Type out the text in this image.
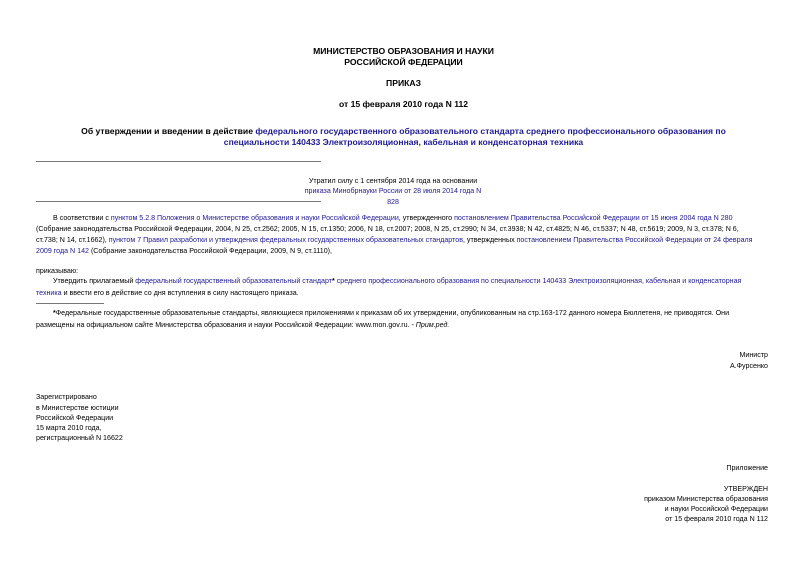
МИНИСТЕРСТВО ОБРАЗОВАНИЯ И НАУКИ
РОССИЙСКОЙ ФЕДЕРАЦИИ
ПРИКАЗ
от 15 февраля 2010 года N 112
Об утверждении и введении в действие федерального государственного образовательного стандарта среднего профессионального образования по
специальности 140433 Электроизоляционная, кабельная и конденсаторная техника
Утратил силу с 1 сентября 2014 года на основании
приказа Минобрнауки России от 28 июля 2014 года N 828
В соответствии с пунктом 5.2.8 Положения о Министерстве образования и науки Российской Федерации, утвержденного постановлением Правительства Российской Федерации от 15 июня 2004 года N 280
(Собрание законодательства Российской Федерации, 2004, N 25, ст.2562; 2005, N 15, ст.1350; 2006, N 18, ст.2007; 2008, N 25, ст.2990; N 34, ст.3938; N 42, ст.4825; N 46, ст.5337; N 48, ст.5619; 2009, N 3, ст.378; N 6,
ст.738; N 14, ст.1662), пунктом 7 Правил разработки и утверждения федеральных государственных образовательных стандартов, утвержденных постановлением Правительства Российской Федерации от 24 февраля
2009 года N 142 (Собрание законодательства Российской Федерации, 2009, N 9, ст.1110),
приказываю:
Утвердить прилагаемый федеральный государственный образовательный стандарт* среднего профессионального образования по специальности 140433 Электроизоляционная, кабельная и конденсаторная
техника и ввести его в действие со дня вступления в силу настоящего приказа.
*Федеральные государственные образовательные стандарты, являющиеся приложениями к приказам об их утверждении, опубликованным на стр.163-172 данного номера Бюллетеня, не приводятся. Они
размещены на официальном сайте Министерства образования и науки Российской Федерации: www.mon.gov.ru. - Прим.ред.
Министр
А.Фурсенко
Зарегистрировано
в Министерстве юстиции
Российской Федерации
15 марта 2010 года,
регистрационный N 16622
Приложение
УТВЕРЖДЕН
приказом Министерства образования
и науки Российской Федерации
от 15 февраля 2010 года N 112
